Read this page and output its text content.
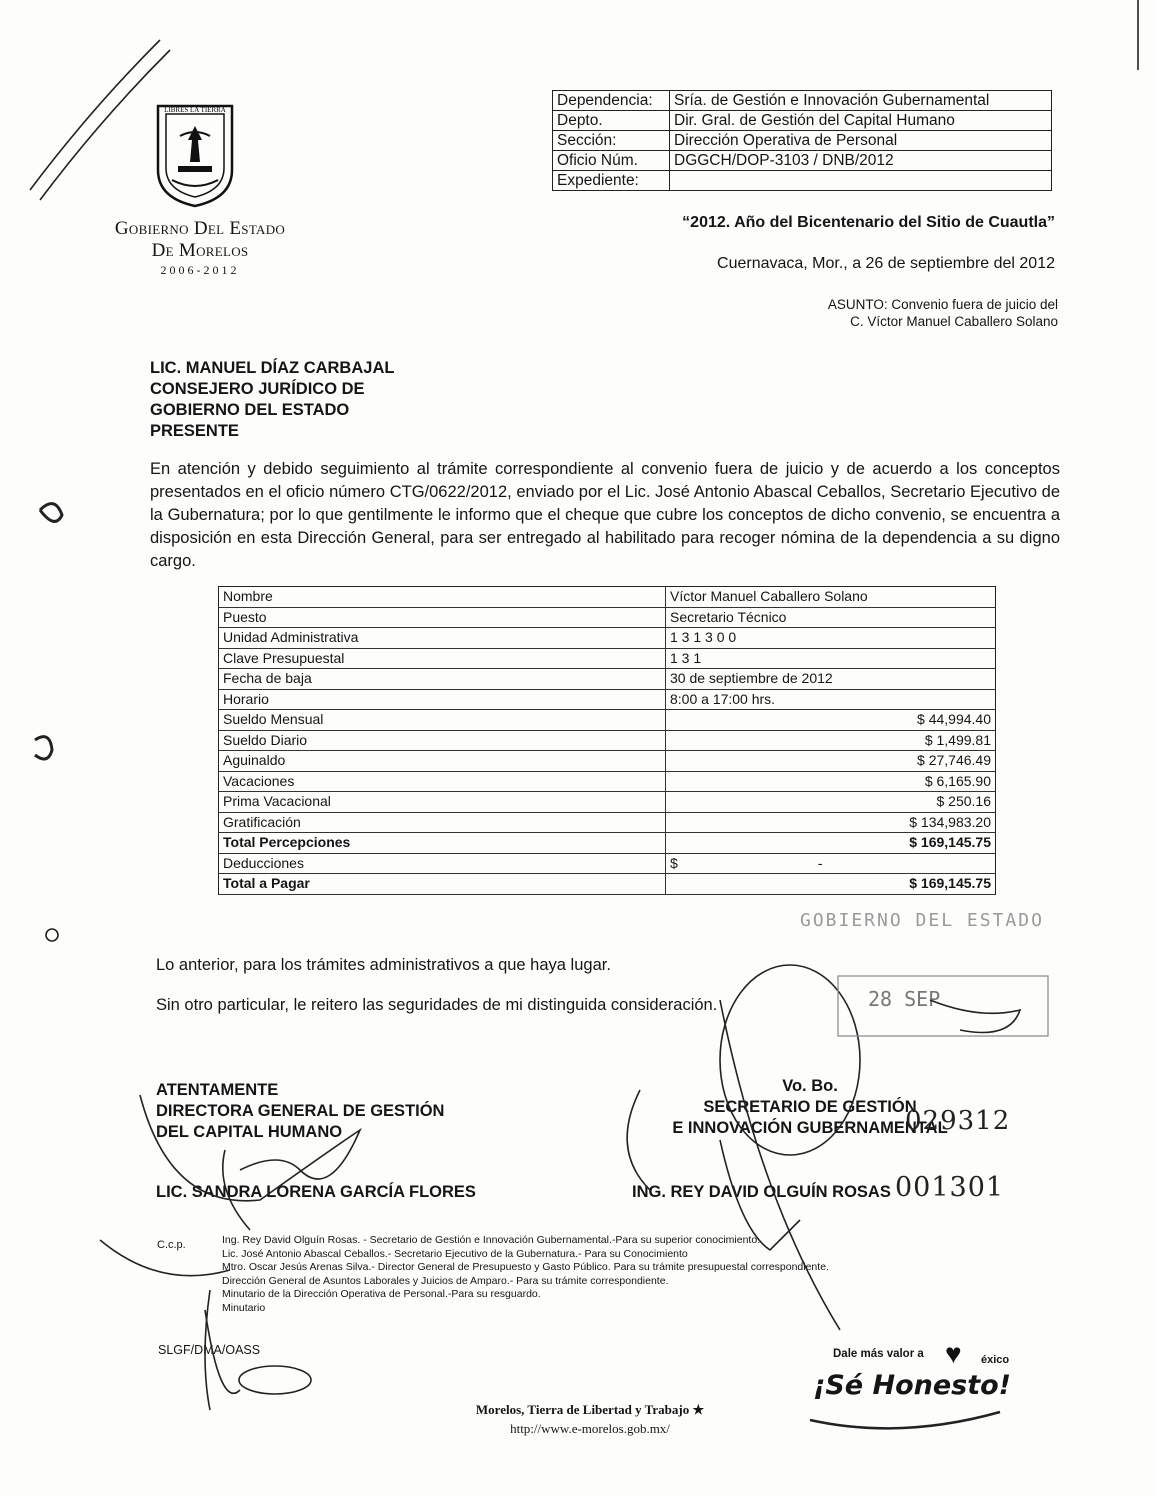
LIBRES LA TIERRA
Gobierno Del Estado
De Morelos
2006-2012
Dependencia:	Sría. de Gestión e Innovación Gubernamental
Depto.	Dir. Gral. de Gestión del Capital Humano
Sección:	Dirección Operativa de Personal
Oficio Núm.	DGGCH/DOP-3103 / DNB/2012
Expediente:	
“2012. Año del Bicentenario del Sitio de Cuautla”
Cuernavaca, Mor., a 26 de septiembre del 2012
ASUNTO: Convenio fuera de juicio del
C. Víctor Manuel Caballero Solano
LIC. MANUEL DÍAZ CARBAJAL
CONSEJERO JURÍDICO DE
GOBIERNO DEL ESTADO
PRESENTE
En atención y debido seguimiento al trámite correspondiente al convenio fuera de juicio y de acuerdo a los conceptos presentados en el oficio número CTG/0622/2012, enviado por el Lic. José Antonio Abascal Ceballos, Secretario Ejecutivo de la Gubernatura; por lo que gentilmente le informo que el cheque que cubre los conceptos de dicho convenio, se encuentra a disposición en esta Dirección General, para ser entregado al habilitado para recoger nómina de la dependencia a su digno cargo.
Nombre	Víctor Manuel Caballero Solano
Puesto	Secretario Técnico
Unidad Administrativa	1 3 1 3 0 0
Clave Presupuestal	1 3 1
Fecha de baja	30 de septiembre de 2012
Horario	8:00 a 17:00 hrs.
Sueldo Mensual	$ 44,994.40
Sueldo Diario	$ 1,499.81
Aguinaldo	$ 27,746.49
Vacaciones	$ 6,165.90
Prima Vacacional	$ 250.16
Gratificación	$ 134,983.20
Total Percepciones	$ 169,145.75
Deducciones	$                                    -
Total a Pagar	$ 169,145.75
GOBIERNO DEL ESTADO
Lo anterior, para los trámites administrativos a que haya lugar.
Sin otro particular, le reitero las seguridades de mi distinguida consideración.
ATENTAMENTE
DIRECTORA GENERAL DE GESTIÓN
DEL CAPITAL HUMANO
LIC. SANDRA LORENA GARCÍA FLORES
Vo. Bo.
SECRETARIO DE GESTIÓN
E INNOVACIÓN GUBERNAMENTAL
ING. REY DAVID OLGUÍN ROSAS
029312
001301
C.c.p.	Ing. Rey David Olguín Rosas. - Secretario de Gestión e Innovación Gubernamental.-Para su superior conocimiento.
Lic. José Antonio Abascal Ceballos.- Secretario Ejecutivo de la Gubernatura.- Para su Conocimiento
Mtro. Oscar Jesús Arenas Silva.- Director General de Presupuesto y Gasto Público. Para su trámite presupuestal correspondiente.
Dirección General de Asuntos Laborales y Juicios de Amparo.- Para su trámite correspondiente.
Minutario de la Dirección Operativa de Personal.-Para su resguardo.
Minutario
SLGF/DMA/OASS
Morelos, Tierra de Libertad y Trabajo ★
http://www.e-morelos.gob.mx/
Dale más valor a ♥ éxico
¡Sé Honesto!
28 SEP
